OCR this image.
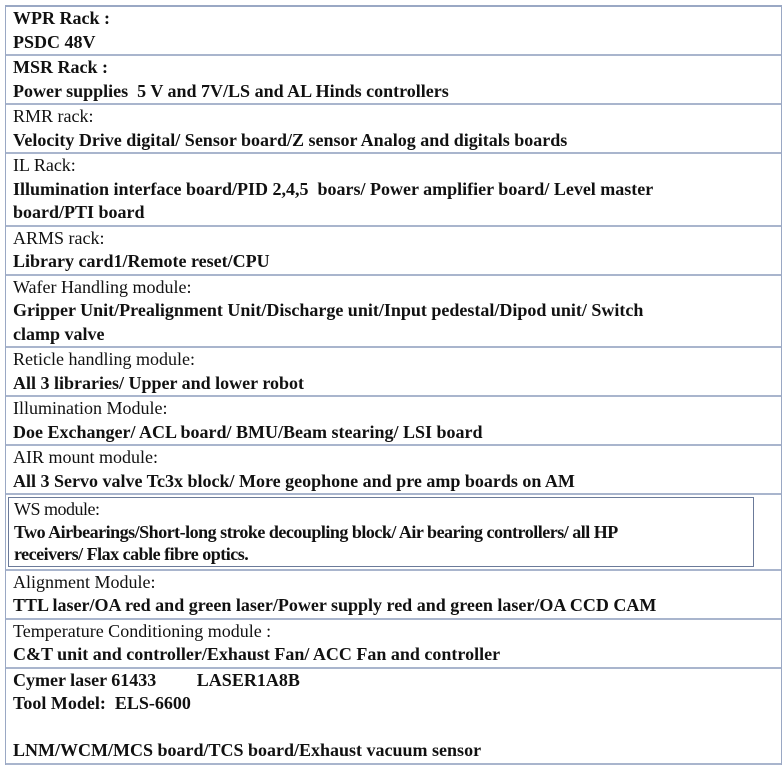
WPR Rack :
PSDC 48V
MSR Rack :
Power supplies  5 V and 7V/LS and AL Hinds controllers
RMR rack:
Velocity Drive digital/ Sensor board/Z sensor Analog and digitals boards
IL Rack:
Illumination interface board/PID 2,4,5  boars/ Power amplifier board/ Level master
board/PTI board
ARMS rack:
Library card1/Remote reset/CPU
Wafer Handling module:
Gripper Unit/Prealignment Unit/Discharge unit/Input pedestal/Dipod unit/ Switch
clamp valve
Reticle handling module:
All 3 libraries/ Upper and lower robot
Illumination Module:
Doe Exchanger/ ACL board/ BMU/Beam stearing/ LSI board
AIR mount module:
All 3 Servo valve Tc3x block/ More geophone and pre amp boards on AM
WS module:
Two Airbearings/Short-long stroke decoupling block/ Air bearing controllers/ all HP
receivers/ Flax cable fibre optics.
Alignment Module:
TTL laser/OA red and green laser/Power supply red and green laser/OA CCD CAM
Temperature Conditioning module :
C&T unit and controller/Exhaust Fan/ ACC Fan and controller
Cymer laser 61433         LASER1A8B
Tool Model:  ELS-6600
LNM/WCM/MCS board/TCS board/Exhaust vacuum sensor
